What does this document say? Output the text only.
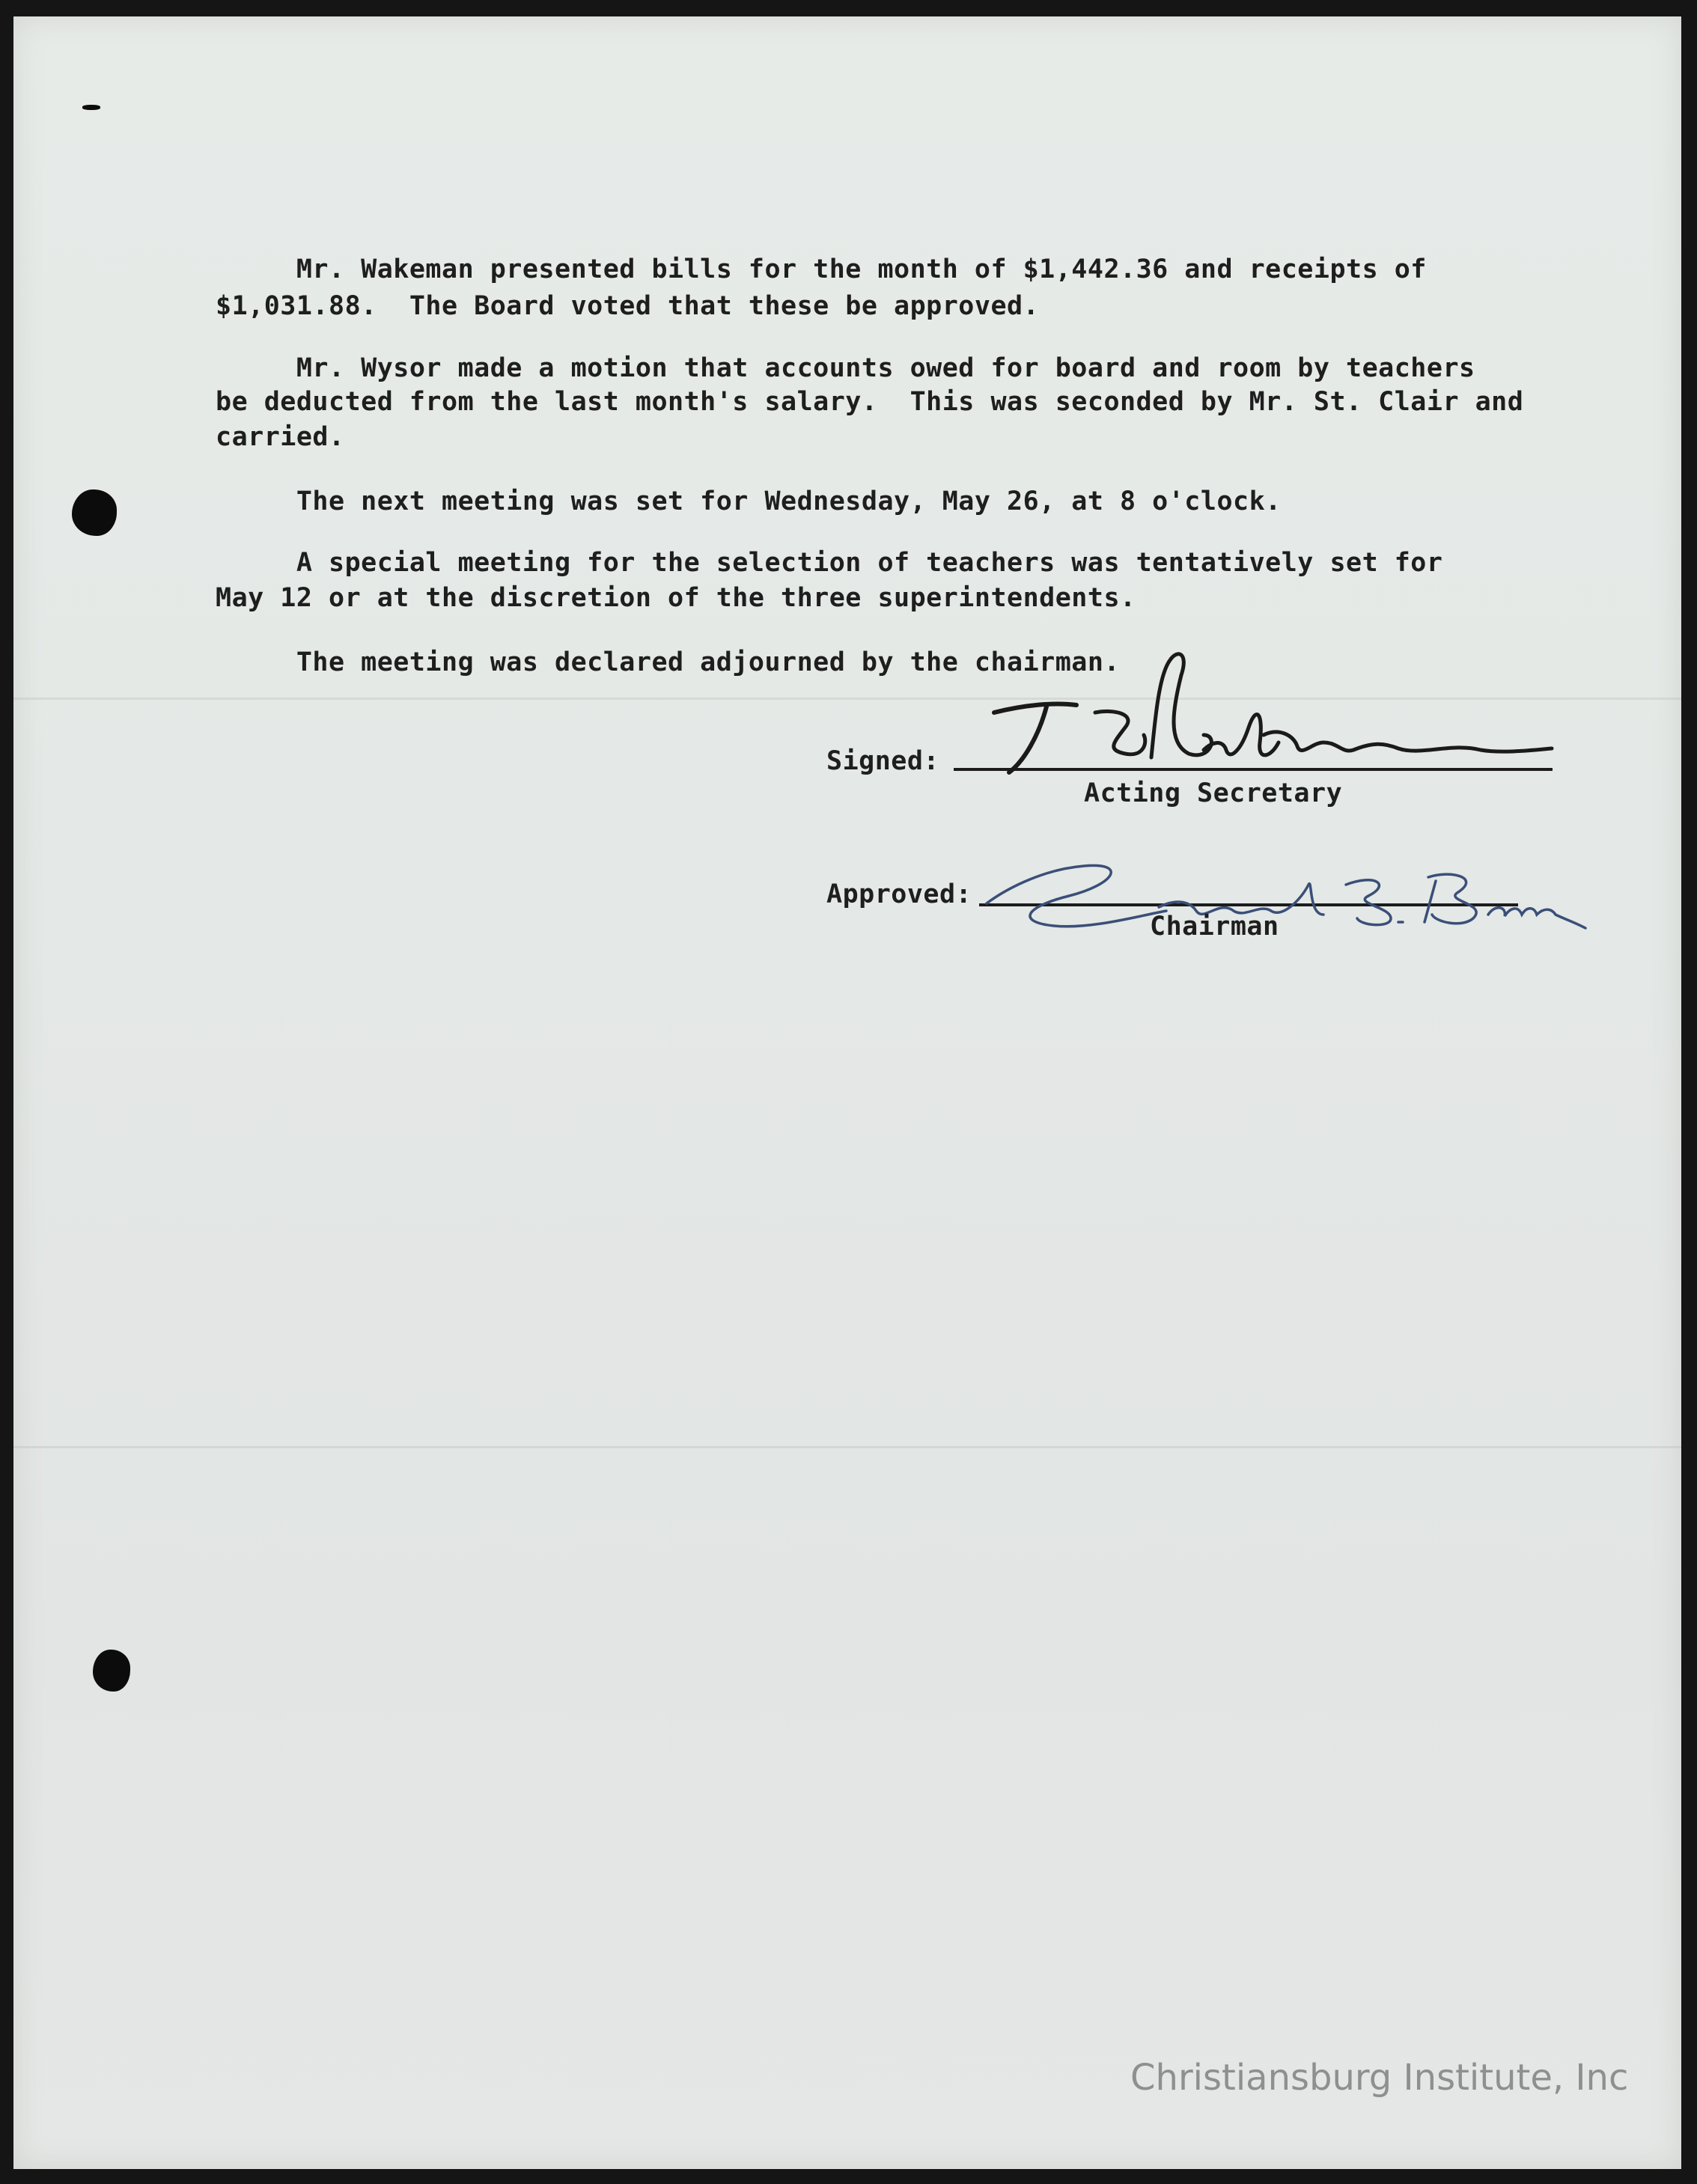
Mr. Wakeman presented bills for the month of $1,442.36 and receipts of
$1,031.88.  The Board voted that these be approved.
Mr. Wysor made a motion that accounts owed for board and room by teachers
be deducted from the last month's salary.  This was seconded by Mr. St. Clair and
carried.
The next meeting was set for Wednesday, May 26, at 8 o'clock.
A special meeting for the selection of teachers was tentatively set for
May 12 or at the discretion of the three superintendents.
The meeting was declared adjourned by the chairman.
Signed:
Acting Secretary
Approved:
Chairman
Christiansburg Institute, Inc
